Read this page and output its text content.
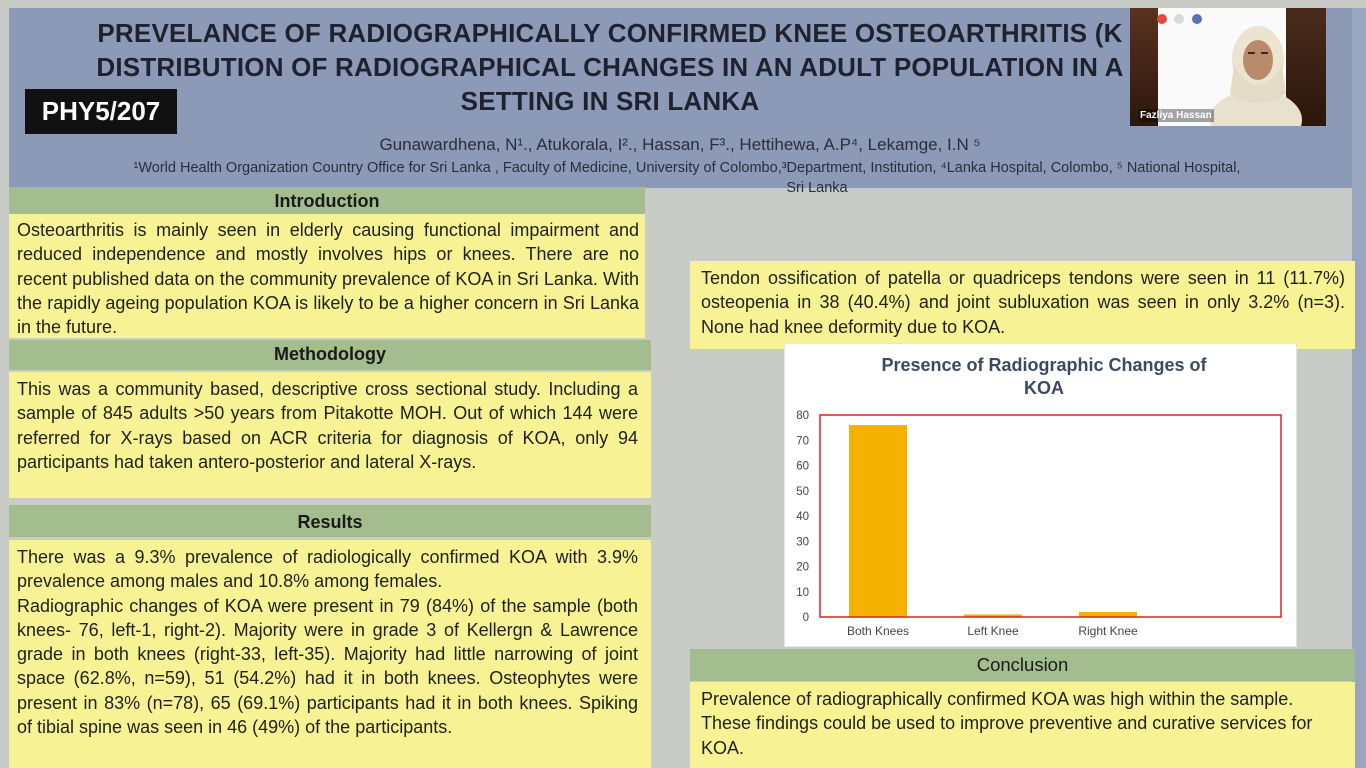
PREVELANCE OF RADIOGRAPHICALLY CONFIRMED KNEE OSTEOARTHRITIS (K
DISTRIBUTION OF RADIOGRAPHICAL CHANGES IN AN ADULT POPULATION IN A
SETTING IN SRI LANKA
PHY5/207
Gunawardhena, N¹., Atukorala, I²., Hassan, F³., Hettihewa, A.P⁴, Lekamge, I.N ⁵
¹World Health Organization Country Office for Sri Lanka , Faculty of Medicine, University of Colombo,³Department, Institution, ⁴Lanka Hospital, Colombo, ⁵ National Hospital,
Sri Lanka
Introduction

Osteoarthritis is mainly seen in elderly causing functional impairment and reduced independence and mostly involves hips or knees. There are no recent published data on the community prevalence of KOA in Sri Lanka. With the rapidly ageing population KOA is likely to be a higher concern in Sri Lanka in the future.

Methodology

This was a community based, descriptive cross sectional study. Including a sample of 845 adults >50 years from Pitakotte MOH. Out of which 144 were referred for X-rays based on ACR criteria for diagnosis of KOA, only 94 participants had taken antero-posterior and lateral X-rays.

Results

There was a 9.3% prevalence of radiologically confirmed KOA with 3.9% prevalence among males and 10.8% among females.

Radiographic changes of KOA were present in 79 (84%) of the sample (both knees- 76, left-1, right-2). Majority were in grade 3 of Kellergn & Lawrence grade in both knees (right-33, left-35). Majority had little narrowing of joint space (62.8%, n=59), 51 (54.2%) had it in both knees. Osteophytes were present in 83% (n=78), 65 (69.1%) participants had it in both knees. Spiking of tibial spine was seen in 46 (49%) of the participants.

Tendon ossification of patella or quadriceps tendons were seen in 11 (11.7%) osteopenia in 38 (40.4%) and joint subluxation was seen in only 3.2% (n=3). None had knee deformity due to KOA.

Presence of Radiographic Changes of
KOA
0
10
20
30
40
50
60
70
80
Both Knees	Left Knee	Right Knee
Conclusion

Prevalence of radiographically confirmed KOA was high within the sample. These findings could be used to improve preventive and curative services for KOA.

Fazliya Hassan
